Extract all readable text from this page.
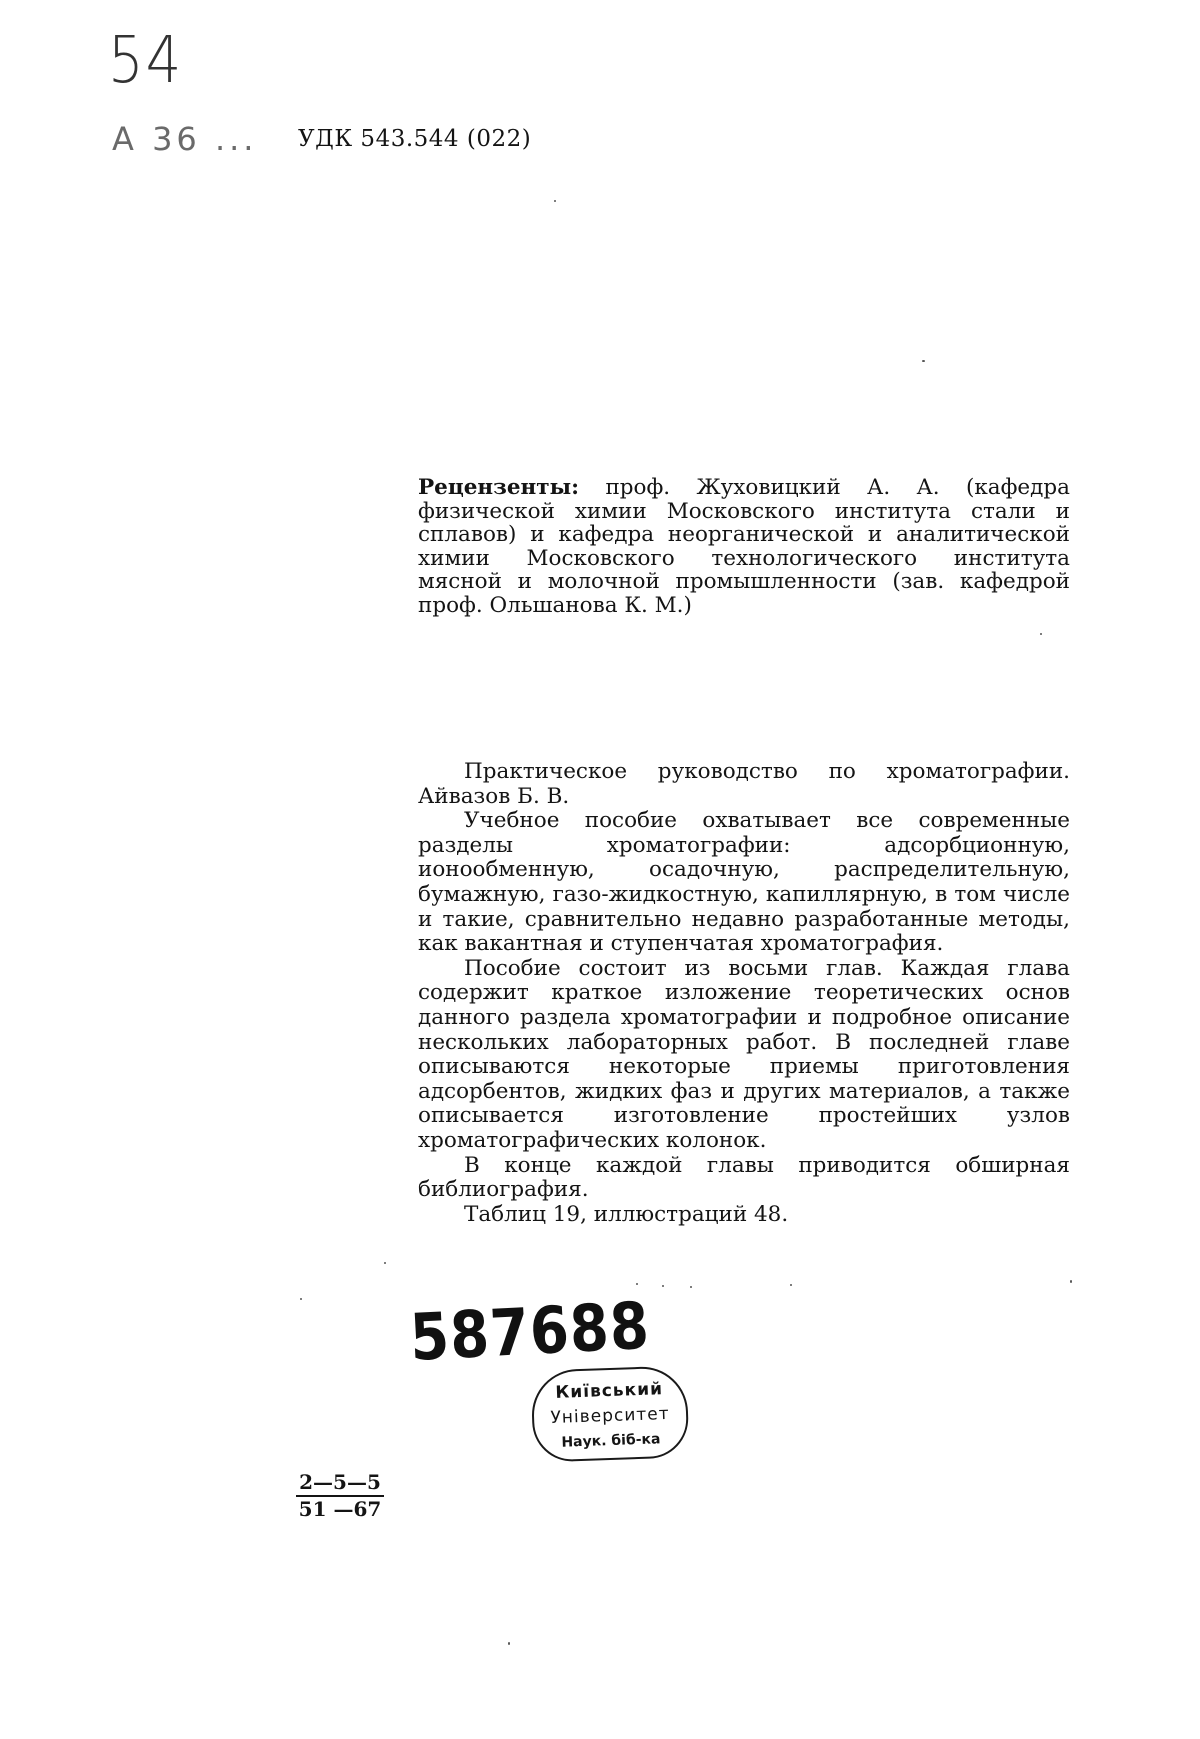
54
А 36 ... УДК 543.544 (022)
Рецензенты: проф. Жуховицкий А. А. (кафедра физической химии Московского института стали и сплавов) и кафедра неорганической и аналитической химии Московского технологического института мясной и молочной промышленности (зав. кафедрой проф. Ольшанова К. М.)

Практическое руководство по хроматографии. Айвазов Б. В.

Учебное пособие охватывает все современные разделы хроматографии: адсорбционную, ионообменную, осадочную, распределительную, бумажную, газо-жидкостную, капиллярную, в том числе и такие, сравнительно недавно разработанные методы, как вакантная и ступенчатая хроматография.

Пособие состоит из восьми глав. Каждая глава содержит краткое изложение теоретических основ данного раздела хроматографии и подробное описание нескольких лабораторных работ. В последней главе описываются некоторые приемы приготовления адсорбентов, жидких фаз и других материалов, а также описывается изготовление простейших узлов хроматографических колонок.

В конце каждой главы приводится обширная библиография.

Таблиц 19, иллюстраций 48.

587688
Київський
Університет
Наук. біб-ка
$\frac{2—5—5}{51 —67}$
